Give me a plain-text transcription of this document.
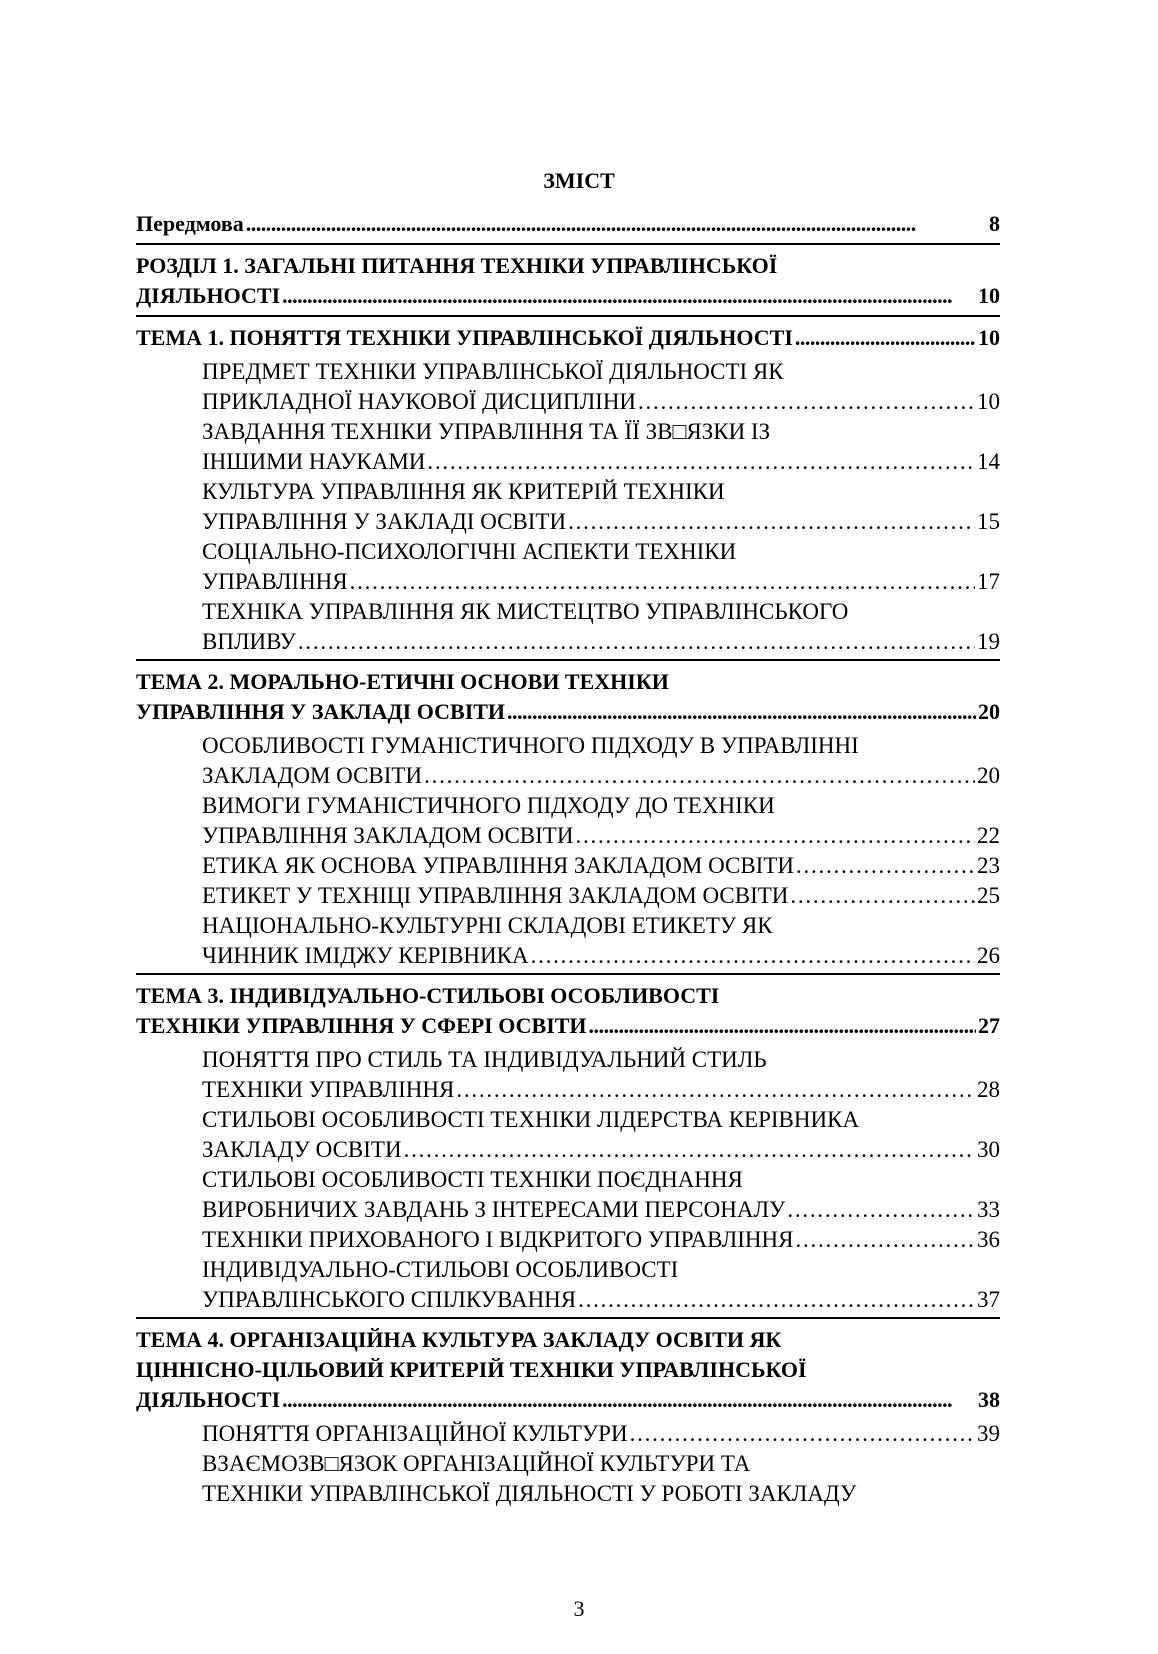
ЗМІСТ
Передмова . . .	8
РОЗДІЛ 1. ЗАГАЛЬНІ ПИТАННЯ ТЕХНІКИ УПРАВЛІНСЬКОЇ
ДІЯЛЬНОСТІ . . .	10
ТЕМА 1. ПОНЯТТЯ ТЕХНІКИ УПРАВЛІНСЬКОЇ ДІЯЛЬНОСТІ . . .	10
ПРЕДМЕТ ТЕХНІКИ УПРАВЛІНСЬКОЇ ДІЯЛЬНОСТІ ЯК
ПРИКЛАДНОЇ НАУКОВОЇ ДИСЦИПЛІНИ . . .	10
ЗАВДАННЯ ТЕХНІКИ УПРАВЛІННЯ ТА ЇЇ ЗВ□ЯЗКИ ІЗ
ІНШИМИ НАУКАМИ . . .	14
КУЛЬТУРА УПРАВЛІННЯ ЯК КРИТЕРІЙ ТЕХНІКИ
УПРАВЛІННЯ У ЗАКЛАДІ ОСВІТИ . . .	15
СОЦІАЛЬНО-ПСИХОЛОГІЧНІ АСПЕКТИ ТЕХНІКИ
УПРАВЛІННЯ . . .	17
ТЕХНІКА УПРАВЛІННЯ ЯК МИСТЕЦТВО УПРАВЛІНСЬКОГО
ВПЛИВУ . . .	19
ТЕМА 2. МОРАЛЬНО-ЕТИЧНІ ОСНОВИ ТЕХНІКИ
УПРАВЛІННЯ У ЗАКЛАДІ ОСВІТИ . . .	20
ОСОБЛИВОСТІ ГУМАНІСТИЧНОГО ПІДХОДУ В УПРАВЛІННІ
ЗАКЛАДОМ ОСВІТИ . . .	20
ВИМОГИ ГУМАНІСТИЧНОГО ПІДХОДУ ДО ТЕХНІКИ
УПРАВЛІННЯ ЗАКЛАДОМ ОСВІТИ . . .	22
ЕТИКА ЯК ОСНОВА УПРАВЛІННЯ ЗАКЛАДОМ ОСВІТИ . . .	23
ЕТИКЕТ У ТЕХНІЦІ УПРАВЛІННЯ ЗАКЛАДОМ ОСВІТИ . . .	25
НАЦІОНАЛЬНО-КУЛЬТУРНІ СКЛАДОВІ ЕТИКЕТУ ЯК
ЧИННИК ІМІДЖУ КЕРІВНИКА . . .	26
ТЕМА 3. ІНДИВІДУАЛЬНО-СТИЛЬОВІ ОСОБЛИВОСТІ
ТЕХНІКИ УПРАВЛІННЯ У СФЕРІ ОСВІТИ . . .	27
ПОНЯТТЯ ПРО СТИЛЬ ТА ІНДИВІДУАЛЬНИЙ СТИЛЬ
ТЕХНІКИ УПРАВЛІННЯ . . .	28
СТИЛЬОВІ ОСОБЛИВОСТІ ТЕХНІКИ ЛІДЕРСТВА КЕРІВНИКА
ЗАКЛАДУ ОСВІТИ . . .	30
СТИЛЬОВІ ОСОБЛИВОСТІ ТЕХНІКИ ПОЄДНАННЯ
ВИРОБНИЧИХ ЗАВДАНЬ З ІНТЕРЕСАМИ ПЕРСОНАЛУ . . .	33
ТЕХНІКИ ПРИХОВАНОГО І ВІДКРИТОГО УПРАВЛІННЯ . . .	36
ІНДИВІДУАЛЬНО-СТИЛЬОВІ ОСОБЛИВОСТІ
УПРАВЛІНСЬКОГО СПІЛКУВАННЯ . . .	37
ТЕМА 4. ОРГАНІЗАЦІЙНА КУЛЬТУРА ЗАКЛАДУ ОСВІТИ ЯК
ЦІННІСНО-ЦІЛЬОВИЙ КРИТЕРІЙ ТЕХНІКИ УПРАВЛІНСЬКОЇ
ДІЯЛЬНОСТІ . . .	38
ПОНЯТТЯ ОРГАНІЗАЦІЙНОЇ КУЛЬТУРИ . . .	39
ВЗАЄМОЗВ□ЯЗОК ОРГАНІЗАЦІЙНОЇ КУЛЬТУРИ ТА
ТЕХНІКИ УПРАВЛІНСЬКОЇ ДІЯЛЬНОСТІ У РОБОТІ ЗАКЛАДУ
3
